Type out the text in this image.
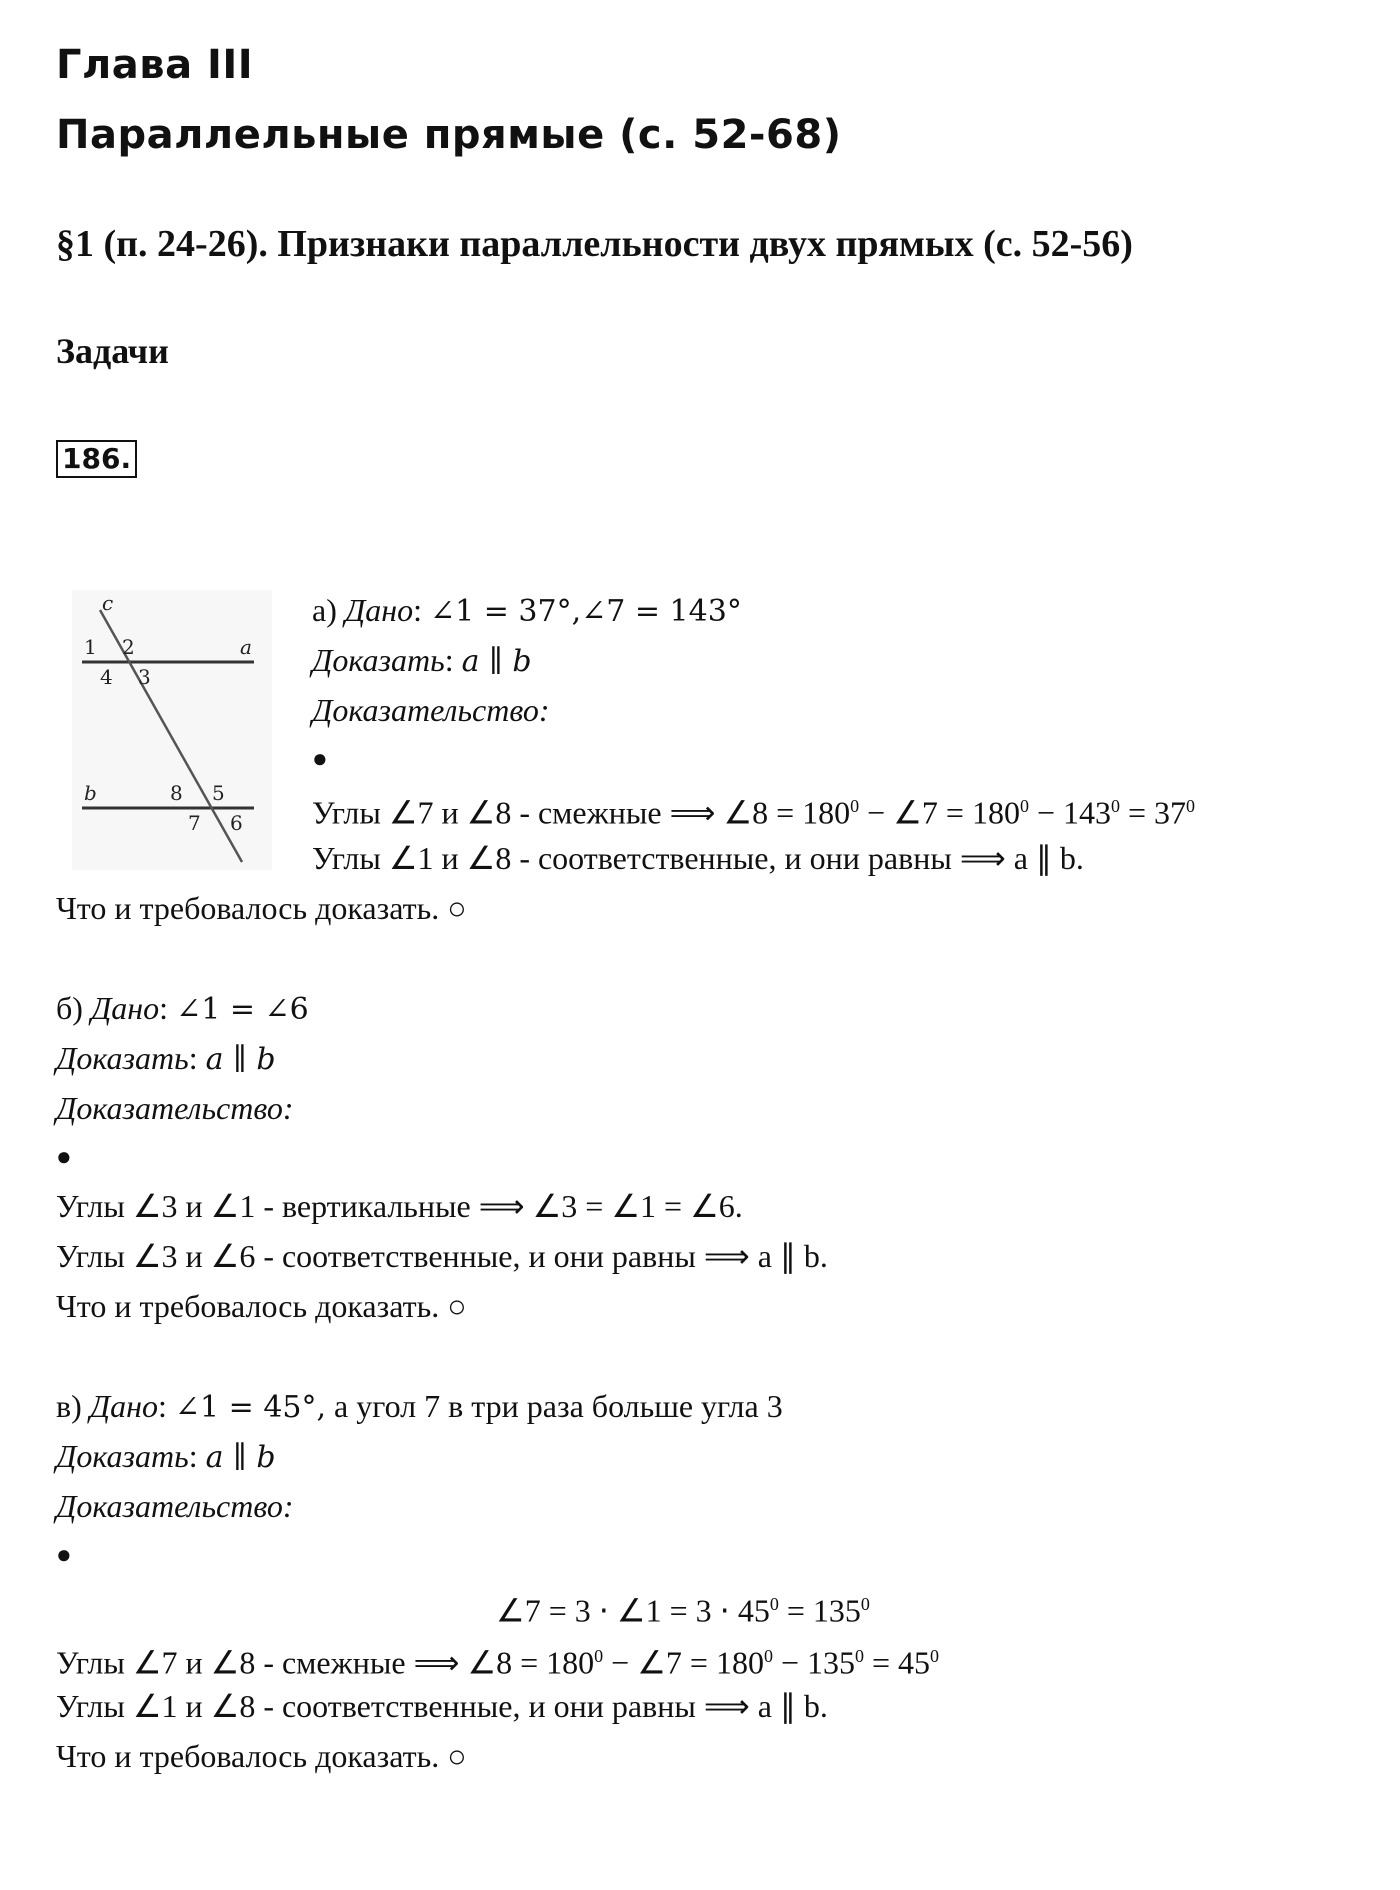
Глава III
Параллельные прямые (с. 52-68)
§1 (п. 24-26). Признаки параллельности двух прямых (с. 52-56)
Задачи
186.
c
1 2	a
4 3
b	8 5
7 6
а) Дано: ∠1 = 37°,∠7 = 143°
Доказать: a ∥ b
Доказательство:
●
Углы ∠7 и ∠8 - смежные ⟹ ∠8 = $180^0$ − ∠7 = $180^0 - 143^0 = 37^0$
Углы ∠1 и ∠8 - соответственные, и они равны ⟹ a ∥ b.
Что и требовалось доказать. ○
б) Дано: ∠1 = ∠6
Доказать: a ∥ b
Доказательство:
●
Углы ∠3 и ∠1 - вертикальные ⟹ ∠3 = ∠1 = ∠6.
Углы ∠3 и ∠6 - соответственные, и они равны ⟹ a ∥ b.
Что и требовалось доказать. ○
в) Дано: ∠1 = 45°, а угол 7 в три раза больше угла 3
Доказать: a ∥ b
Доказательство:
●
∠7 = 3 ⋅ ∠1 = $3 \cdot 45^0 = 135^0$
Углы ∠7 и ∠8 - смежные ⟹ ∠8 = $180^0$ − ∠7 = $180^0 - 135^0 = 45^0$
Углы ∠1 и ∠8 - соответственные, и они равны ⟹ a ∥ b.
Что и требовалось доказать. ○
